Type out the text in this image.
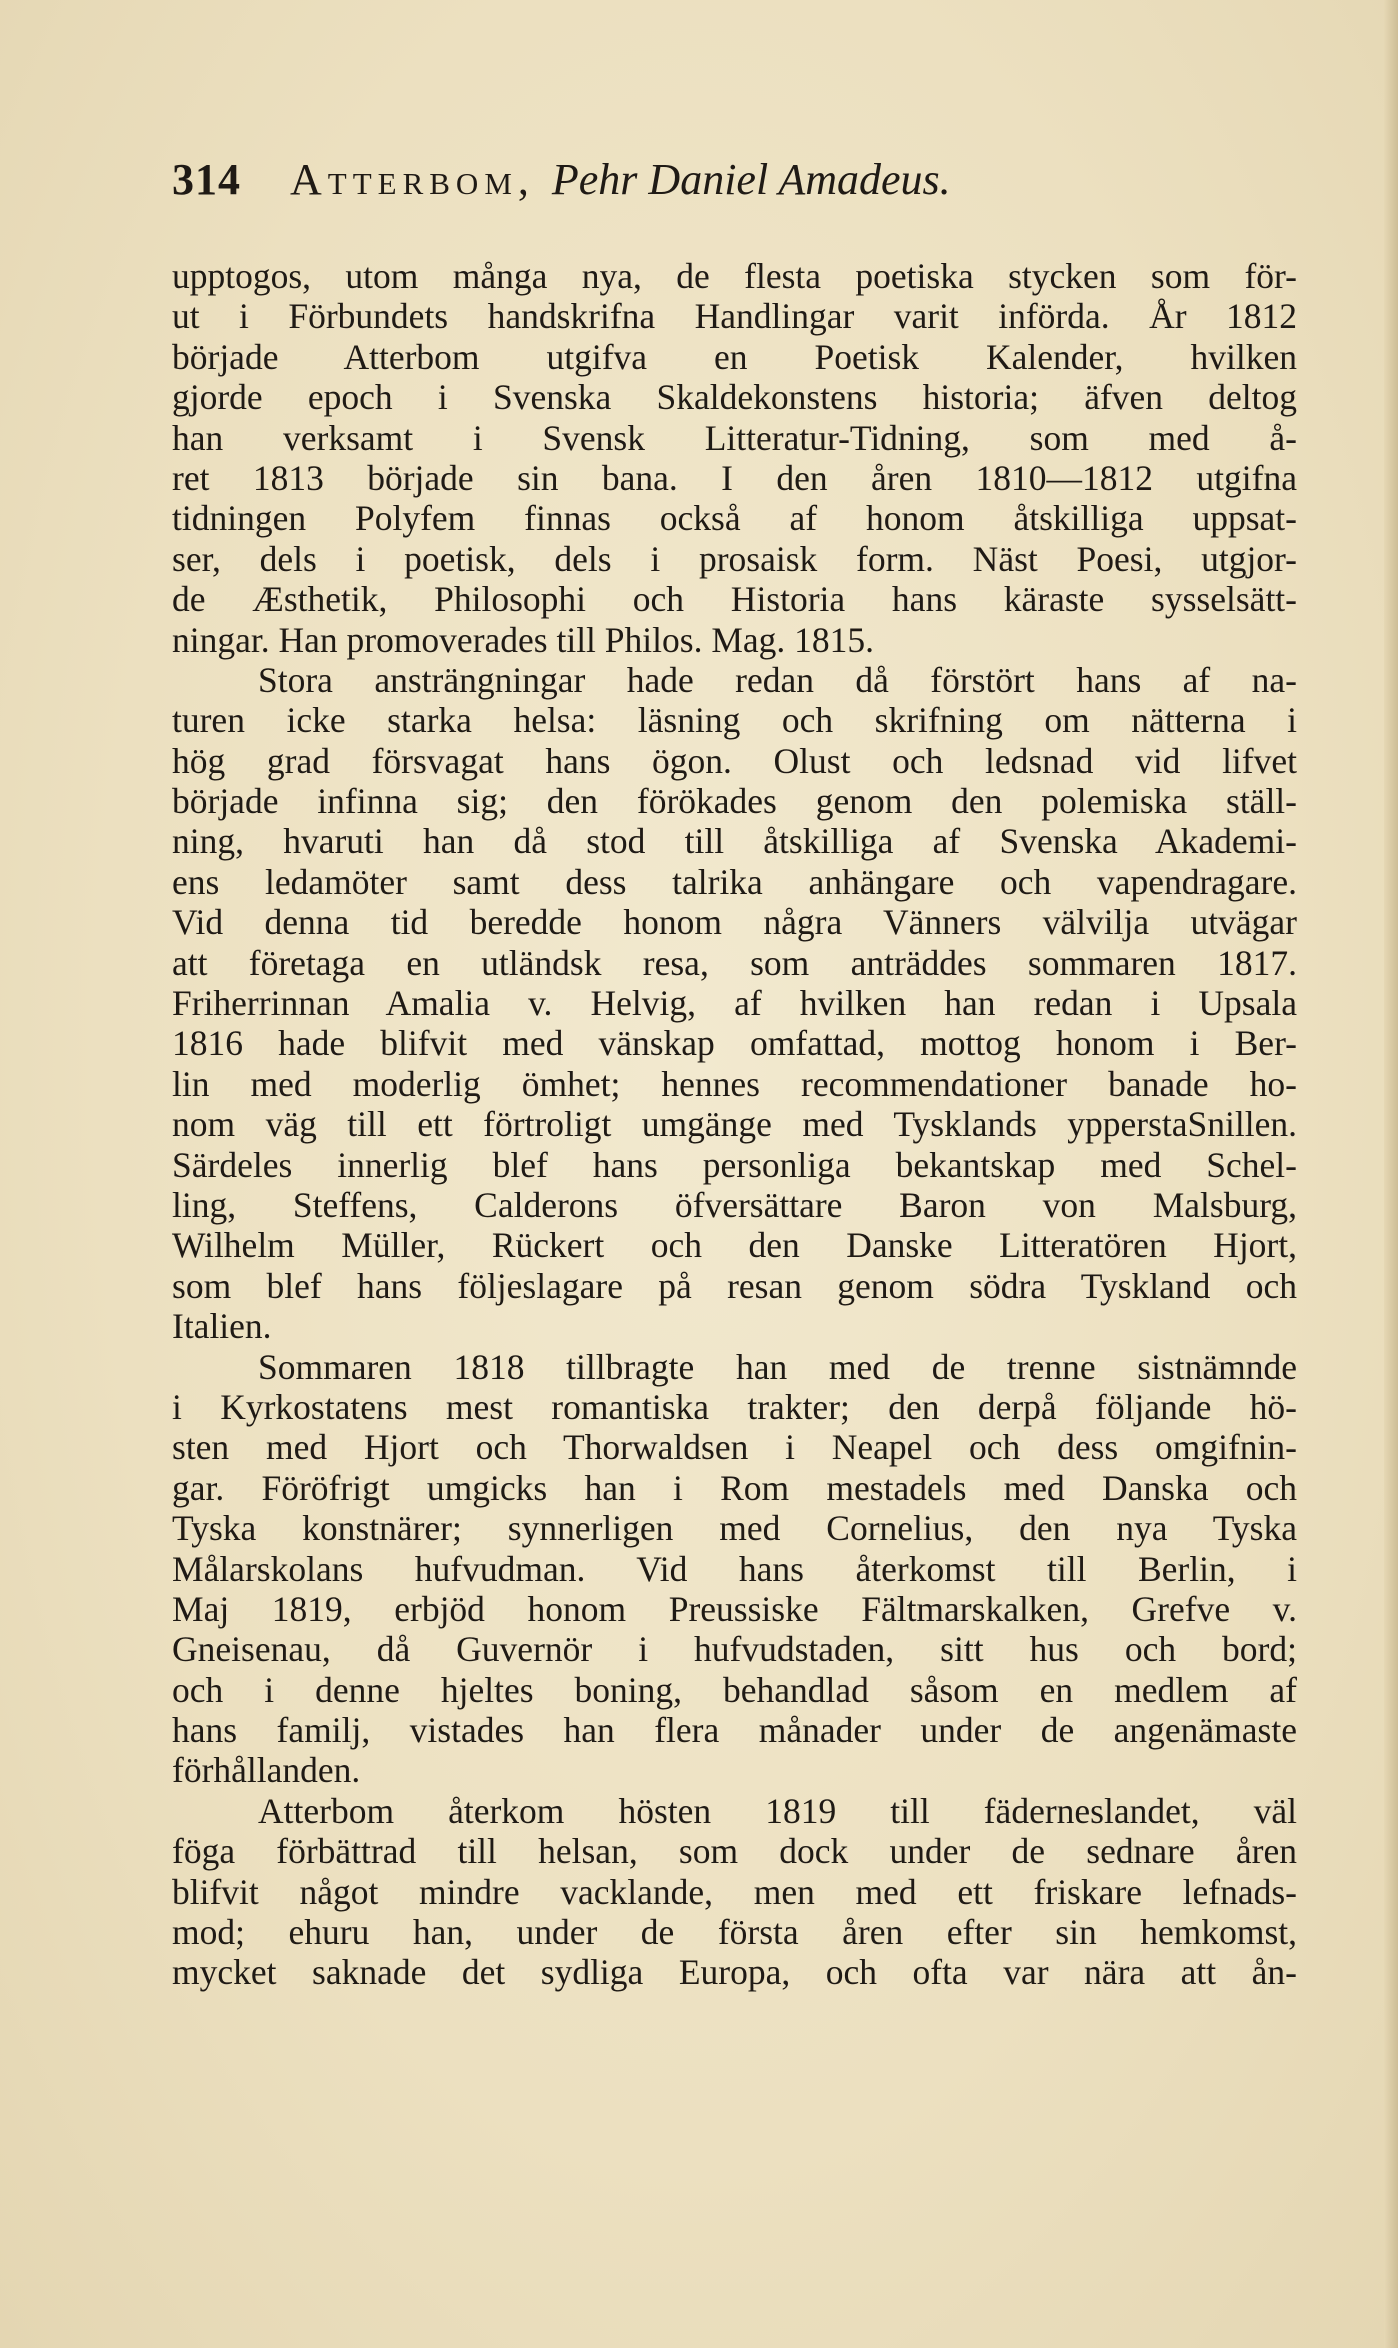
314 Atterbom, Pehr Daniel Amadeus.
upptogos, utom många nya, de flesta poetiska stycken som för-
ut i Förbundets handskrifna Handlingar varit införda. År 1812
började Atterbom utgifva en Poetisk Kalender, hvilken
gjorde epoch i Svenska Skaldekonstens historia; äfven deltog
han verksamt i Svensk Litteratur-Tidning, som med å-
ret 1813 började sin bana. I den åren 1810—1812 utgifna
tidningen Polyfem finnas också af honom åtskilliga uppsat-
ser, dels i poetisk, dels i prosaisk form. Näst Poesi, utgjor-
de Æsthetik, Philosophi och Historia hans käraste sysselsätt-
ningar. Han promoverades till Philos. Mag. 1815.
Stora ansträngningar hade redan då förstört hans af na-
turen icke starka helsa: läsning och skrifning om nätterna i
hög grad försvagat hans ögon. Olust och ledsnad vid lifvet
började infinna sig; den förökades genom den polemiska ställ-
ning, hvaruti han då stod till åtskilliga af Svenska Akademi-
ens ledamöter samt dess talrika anhängare och vapendragare.
Vid denna tid beredde honom några Vänners välvilja utvägar
att företaga en utländsk resa, som anträddes sommaren 1817.
Friherrinnan Amalia v. Helvig, af hvilken han redan i Upsala
1816 hade blifvit med vänskap omfattad, mottog honom i Ber-
lin med moderlig ömhet; hennes recommendationer banade ho-
nom väg till ett förtroligt umgänge med Tysklands ypperstaSnillen.
Särdeles innerlig blef hans personliga bekantskap med Schel-
ling, Steffens, Calderons öfversättare Baron von Malsburg,
Wilhelm Müller, Rückert och den Danske Litteratören Hjort,
som blef hans följeslagare på resan genom södra Tyskland och
Italien.
Sommaren 1818 tillbragte han med de trenne sistnämnde
i Kyrkostatens mest romantiska trakter; den derpå följande hö-
sten med Hjort och Thorwaldsen i Neapel och dess omgifnin-
gar. Föröfrigt umgicks han i Rom mestadels med Danska och
Tyska konstnärer; synnerligen med Cornelius, den nya Tyska
Målarskolans hufvudman. Vid hans återkomst till Berlin, i
Maj 1819, erbjöd honom Preussiske Fältmarskalken, Grefve v.
Gneisenau, då Guvernör i hufvudstaden, sitt hus och bord;
och i denne hjeltes boning, behandlad såsom en medlem af
hans familj, vistades han flera månader under de angenämaste
förhållanden.
Atterbom återkom hösten 1819 till fäderneslandet, väl
föga förbättrad till helsan, som dock under de sednare åren
blifvit något mindre vacklande, men med ett friskare lefnads-
mod; ehuru han, under de första åren efter sin hemkomst,
mycket saknade det sydliga Europa, och ofta var nära att ån-
